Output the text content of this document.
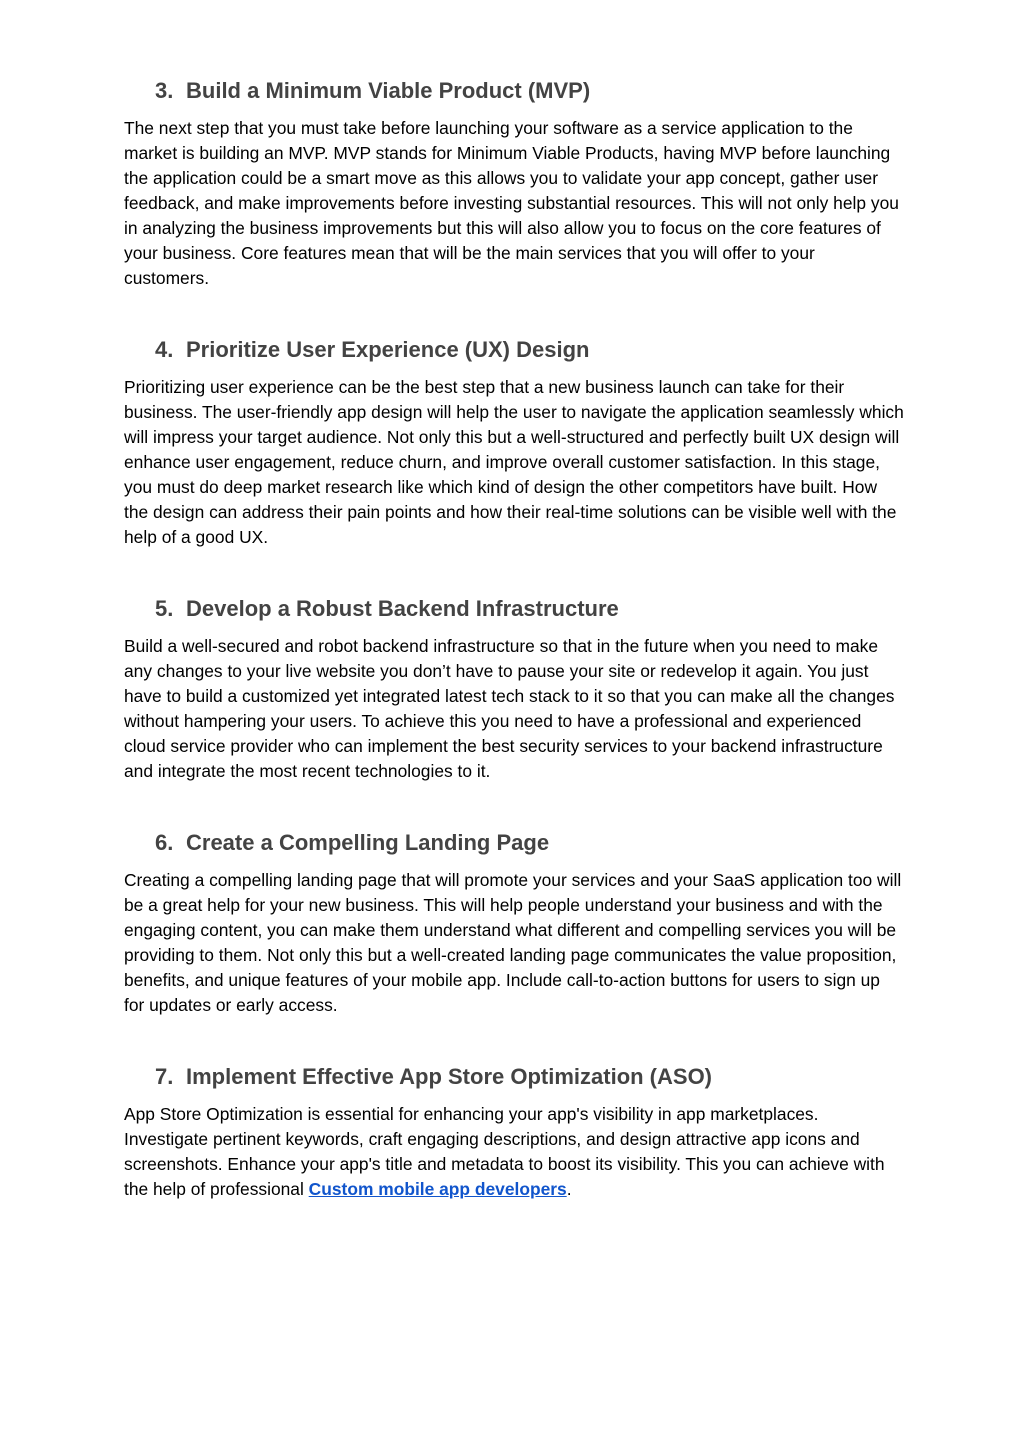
3. Build a Minimum Viable Product (MVP)

The next step that you must take before launching your software as a service application to the market is building an MVP. MVP stands for Minimum Viable Products, having MVP before launching the application could be a smart move as this allows you to validate your app concept, gather user feedback, and make improvements before investing substantial resources. This will not only help you in analyzing the business improvements but this will also allow you to focus on the core features of your business. Core features mean that will be the main services that you will offer to your customers.

4. Prioritize User Experience (UX) Design

Prioritizing user experience can be the best step that a new business launch can take for their business. The user-friendly app design will help the user to navigate the application seamlessly which will impress your target audience. Not only this but a well-structured and perfectly built UX design will enhance user engagement, reduce churn, and improve overall customer satisfaction. In this stage, you must do deep market research like which kind of design the other competitors have built. How the design can address their pain points and how their real-time solutions can be visible well with the help of a good UX.

5. Develop a Robust Backend Infrastructure

Build a well-secured and robot backend infrastructure so that in the future when you need to make any changes to your live website you don’t have to pause your site or redevelop it again. You just have to build a customized yet integrated latest tech stack to it so that you can make all the changes without hampering your users. To achieve this you need to have a professional and experienced cloud service provider who can implement the best security services to your backend infrastructure and integrate the most recent technologies to it.

6. Create a Compelling Landing Page

Creating a compelling landing page that will promote your services and your SaaS application too will be a great help for your new business. This will help people understand your business and with the engaging content, you can make them understand what different and compelling services you will be providing to them. Not only this but a well-created landing page communicates the value proposition, benefits, and unique features of your mobile app. Include call-to-action buttons for users to sign up for updates or early access.

7. Implement Effective App Store Optimization (ASO)

App Store Optimization is essential for enhancing your app's visibility in app marketplaces. Investigate pertinent keywords, craft engaging descriptions, and design attractive app icons and screenshots. Enhance your app's title and metadata to boost its visibility. This you can achieve with the help of professional Custom mobile app developers.
